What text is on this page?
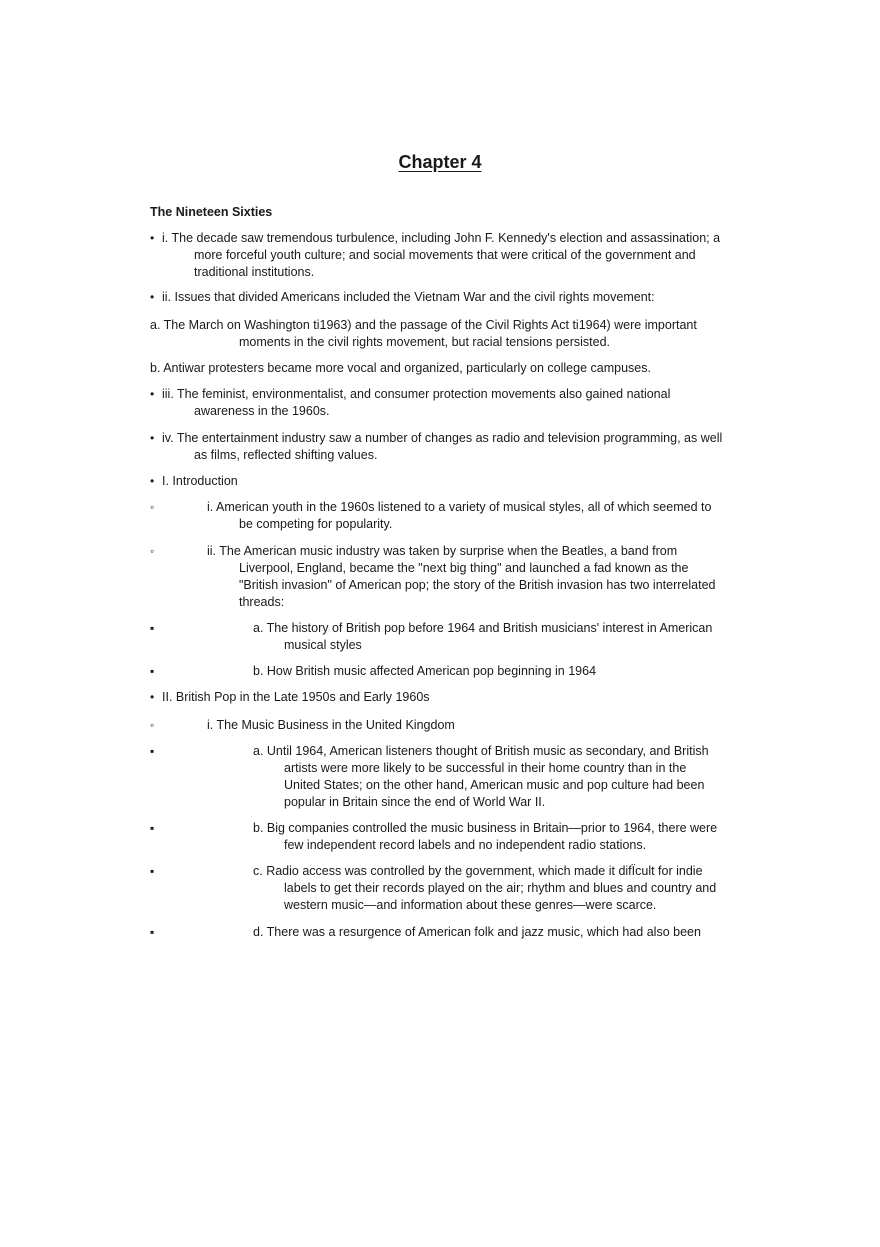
Chapter 4
The Nineteen Sixties
• i. The decade saw tremendous turbulence, including John F. Kennedy's election and assassination; a
more forceful youth culture; and social movements that were critical of the government and
traditional institutions.
• ii. Issues that divided Americans included the Vietnam War and the civil rights movement:
a. The March on Washington ti1963) and the passage of the Civil Rights Act ti1964) were important
moments in the civil rights movement, but racial tensions persisted.
b. Antiwar protesters became more vocal and organized, particularly on college campuses.
• iii. The feminist, environmentalist, and consumer protection movements also gained national
awareness in the 1960s.
• iv. The entertainment industry saw a number of changes as radio and television programming, as well
as films, reflected shifting values.
• I. Introduction
◦	i. American youth in the 1960s listened to a variety of musical styles, all of which seemed to
be competing for popularity.
◦	ii. The American music industry was taken by surprise when the Beatles, a band from
Liverpool, England, became the "next big thing" and launched a fad known as the
"British invasion" of American pop; the story of the British invasion has two interrelated
threads:
▪	a. The history of British pop before 1964 and British musicians' interest in American
musical styles
▪	b. How British music affected American pop beginning in 1964
• II. British Pop in the Late 1950s and Early 1960s
◦	i. The Music Business in the United Kingdom
▪	a. Until 1964, American listeners thought of British music as secondary, and British
artists were more likely to be successful in their home country than in the
United States; on the other hand, American music and pop culture had been
popular in Britain since the end of World War II.
▪	b. Big companies controlled the music business in Britain—prior to 1964, there were
few independent record labels and no independent radio stations.
▪	c. Radio access was controlled by the government, which made it difÏcult for indie
labels to get their records played on the air; rhythm and blues and country and
western music—and information about these genres—were scarce.
▪	d. There was a resurgence of American folk and jazz music, which had also been
